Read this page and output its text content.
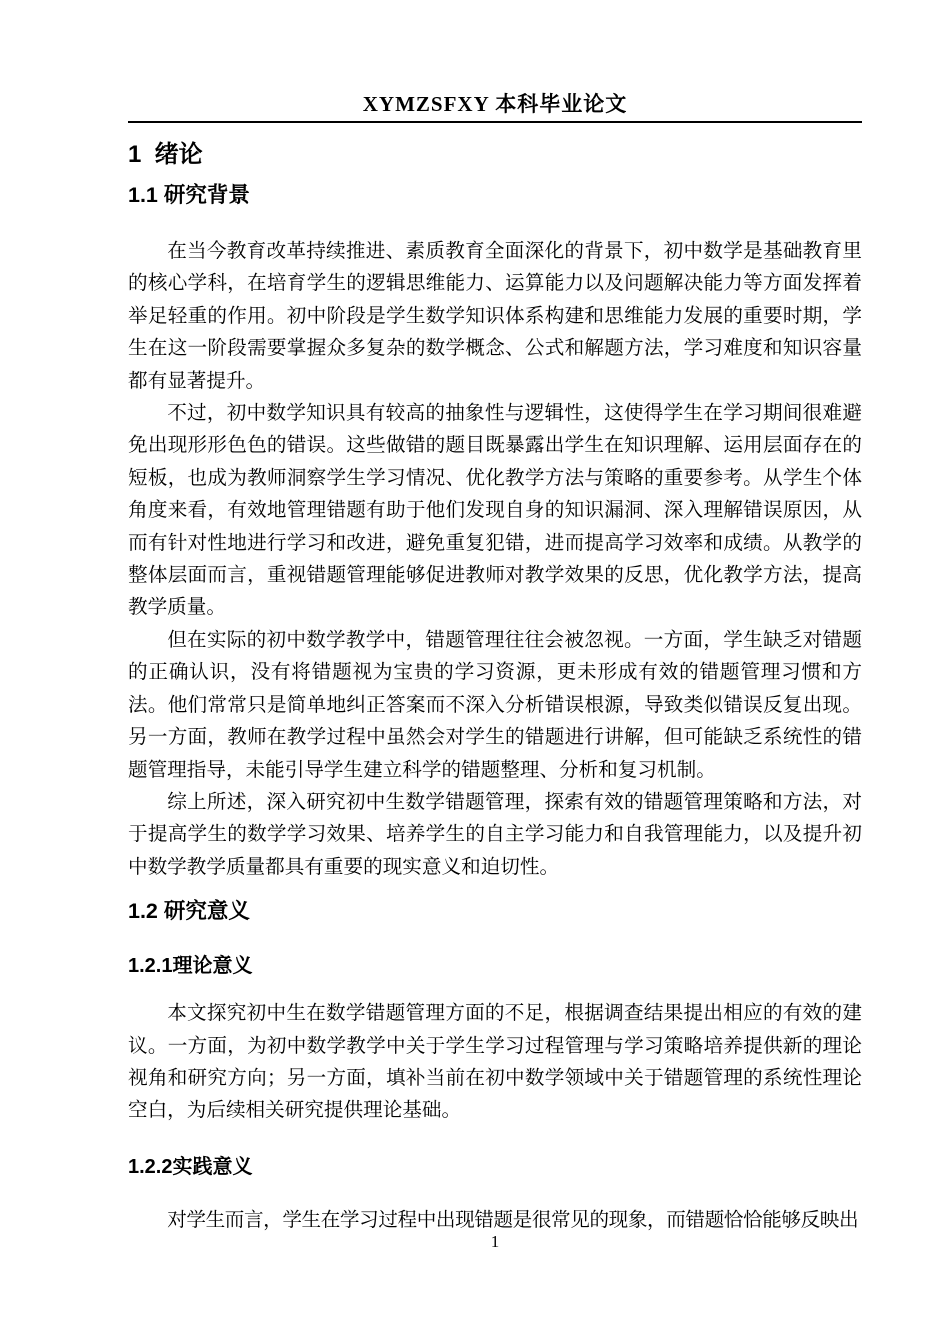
XYMZSFXY 本科毕业论文
1  绪论
1.1 研究背景

在当今教育改革持续推进、素质教育全面深化的背景下，初中数学是基础教育里的核心学科，在培育学生的逻辑思维能力、运算能力以及问题解决能力等方面发挥着举足轻重的作用。初中阶段是学生数学知识体系构建和思维能力发展的重要时期，学生在这一阶段需要掌握众多复杂的数学概念、公式和解题方法，学习难度和知识容量都有显著提升。

不过，初中数学知识具有较高的抽象性与逻辑性，这使得学生在学习期间很难避免出现形形色色的错误。这些做错的题目既暴露出学生在知识理解、运用层面存在的短板，也成为教师洞察学生学习情况、优化教学方法与策略的重要参考。从学生个体角度来看，有效地管理错题有助于他们发现自身的知识漏洞、深入理解错误原因，从而有针对性地进行学习和改进，避免重复犯错，进而提高学习效率和成绩。从教学的整体层面而言，重视错题管理能够促进教师对教学效果的反思，优化教学方法，提高教学质量。

但在实际的初中数学教学中，错题管理往往会被忽视。一方面，学生缺乏对错题的正确认识，没有将错题视为宝贵的学习资源，更未形成有效的错题管理习惯和方法。他们常常只是简单地纠正答案而不深入分析错误根源，导致类似错误反复出现。另一方面，教师在教学过程中虽然会对学生的错题进行讲解，但可能缺乏系统性的错题管理指导，未能引导学生建立科学的错题整理、分析和复习机制。

综上所述，深入研究初中生数学错题管理，探索有效的错题管理策略和方法，对于提高学生的数学学习效果、培养学生的自主学习能力和自我管理能力，以及提升初中数学教学质量都具有重要的现实意义和迫切性。

1.2 研究意义
1.2.1理论意义

本文探究初中生在数学错题管理方面的不足，根据调查结果提出相应的有效的建议。一方面，为初中数学教学中关于学生学习过程管理与学习策略培养提供新的理论视角和研究方向；另一方面，填补当前在初中数学领域中关于错题管理的系统性理论空白，为后续相关研究提供理论基础。

1.2.2实践意义

对学生而言，学生在学习过程中出现错题是很常见的现象，而错题恰恰能够反映出

1
